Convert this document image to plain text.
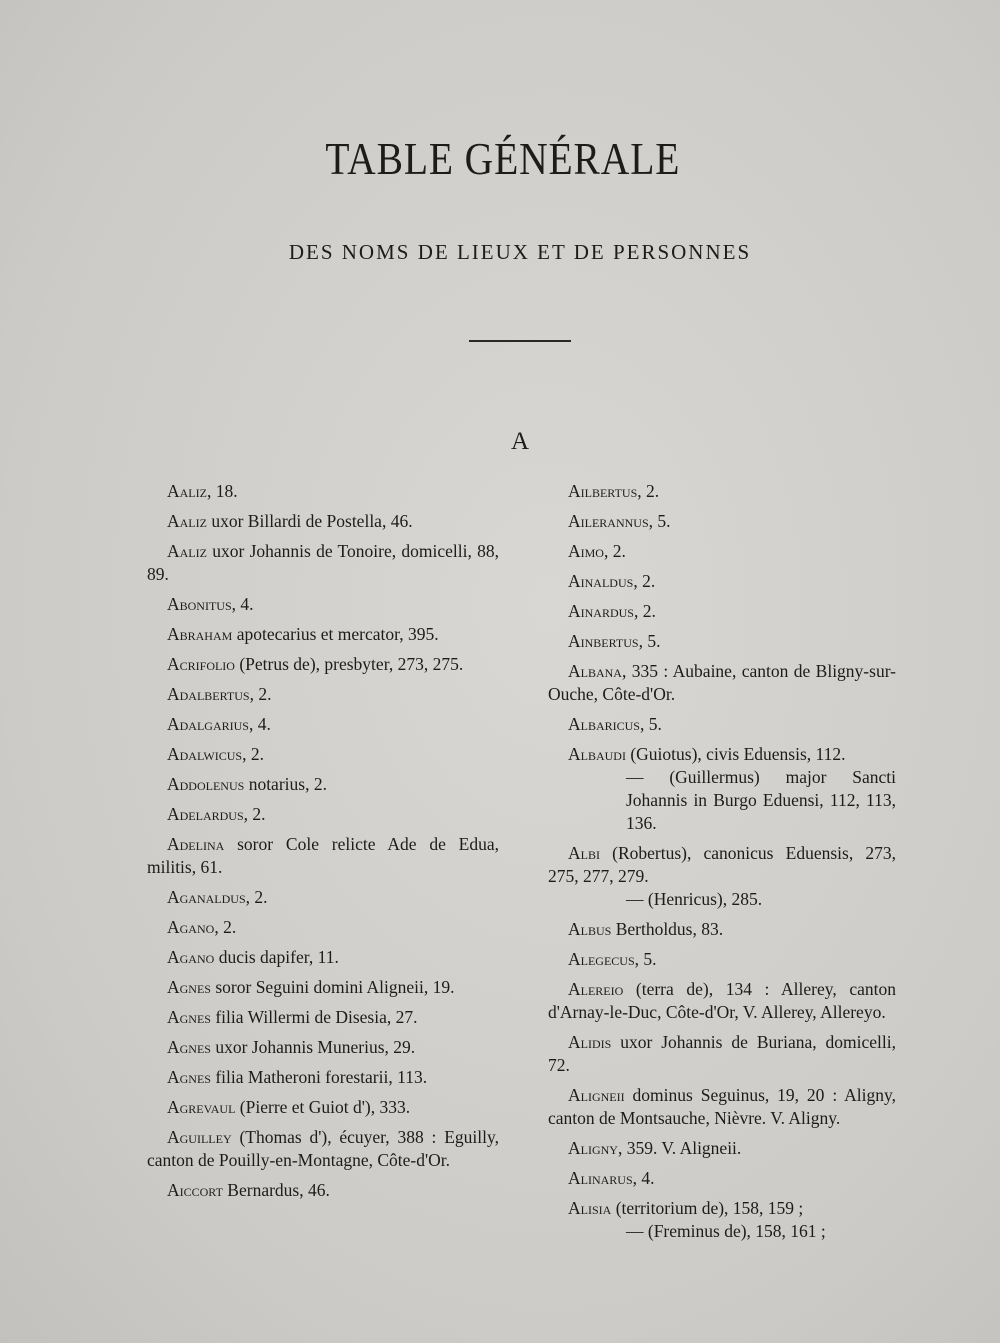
TABLE GÉNÉRALE
DES NOMS DE LIEUX ET DE PERSONNES
A

Aaliz, 18.

Aaliz uxor Billardi de Postella, 46.

Aaliz uxor Johannis de Tonoire, domicelli, 88, 89.

Abonitus, 4.

Abraham apotecarius et mercator, 395.

Acrifolio (Petrus de), presbyter, 273, 275.

Adalbertus, 2.

Adalgarius, 4.

Adalwicus, 2.

Addolenus notarius, 2.

Adelardus, 2.

Adelina soror Cole relicte Ade de Edua, militis, 61.

Aganaldus, 2.

Agano, 2.

Agano ducis dapifer, 11.

Agnes soror Seguini domini Aligneii, 19.

Agnes filia Willermi de Disesia, 27.

Agnes uxor Johannis Munerius, 29.

Agnes filia Matheroni forestarii, 113.

Agrevaul (Pierre et Guiot d'), 333.

Aguilley (Thomas d'), écuyer, 388 : Eguilly, canton de Pouilly-en-Montagne, Côte-d'Or.

Aiccort Bernardus, 46.

Ailbertus, 2.

Ailerannus, 5.

Aimo, 2.

Ainaldus, 2.

Ainardus, 2.

Ainbertus, 5.

Albana, 335 : Aubaine, canton de Bligny-sur-Ouche, Côte-d'Or.

Albaricus, 5.

Albaudi (Guiotus), civis Eduensis, 112.
— (Guillermus) major Sancti Johannis in Burgo Eduensi, 112, 113, 136.

Albi (Robertus), canonicus Eduensis, 273, 275, 277, 279.
— (Henricus), 285.

Albus Bertholdus, 83.

Alegecus, 5.

Alereio (terra de), 134 : Allerey, canton d'Arnay-le-Duc, Côte-d'Or, V. Allerey, Allereyo.

Alidis uxor Johannis de Buriana, domicelli, 72.

Aligneii dominus Seguinus, 19, 20 : Aligny, canton de Montsauche, Nièvre. V. Aligny.

Aligny, 359. V. Aligneii.

Alinarus, 4.

Alisia (territorium de), 158, 159 ;
— (Freminus de), 158, 161 ;
